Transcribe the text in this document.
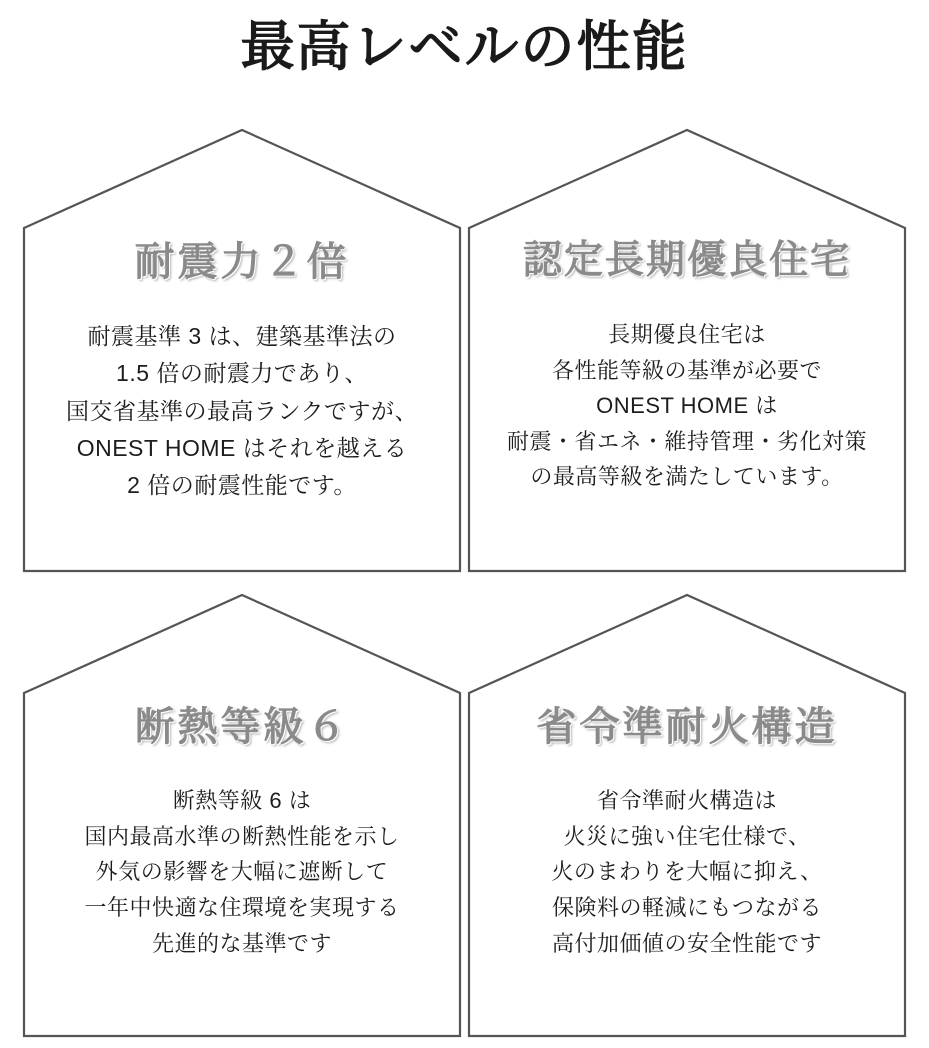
最高レベルの性能
耐震力２倍
耐震基準 3 は、建築基準法の
1.5 倍の耐震力であり、
国交省基準の最高ランクですが、
ONEST HOME はそれを越える
2 倍の耐震性能です。
認定長期優良住宅
長期優良住宅は
各性能等級の基準が必要で
ONEST HOME は
耐震・省エネ・維持管理・劣化対策
の最高等級を満たしています。
断熱等級６
断熱等級 6 は
国内最高水準の断熱性能を示し
外気の影響を大幅に遮断して
一年中快適な住環境を実現する
先進的な基準です
省令準耐火構造
省令準耐火構造は
火災に強い住宅仕様で、
火のまわりを大幅に抑え、
保険料の軽減にもつながる
高付加価値の安全性能です
